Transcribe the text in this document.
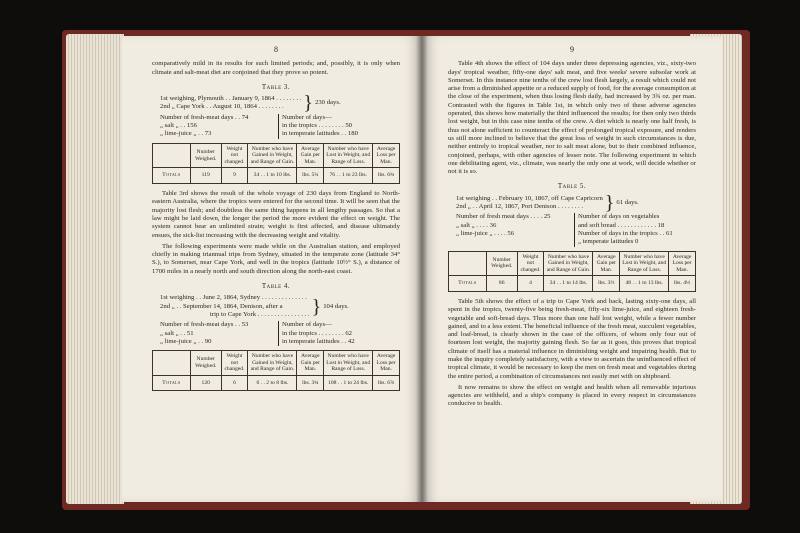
8

comparatively mild in its results for such limited periods; and, possibly, it is only when climate and salt-meat diet are conjoined that they prove so potent.

Table 3.
1st weighing, Plymouth . . January 9, 1864 . . . . . . . .
2nd „ Cape York . . August 10, 1864 . . . . . . . . } 230 days.
Number of fresh-meat days . . 74
„ salt „ . . 156
„ lime-juice „ . . 73
Number of days—
in the tropics . . . . . . . . 50
in temperate latitudes . . 180
	Number Weighed.	Weight not changed.	Number who have Gained in Weight, and Range of Gain.	Average Gain per Man.	Number who have Lost in Weight, and Range of Loss.	Average Loss per Man.
Totals	119	9	34 . . 1 to 10 lbs.	lbs. 5¼	76 . . 1 to 23 lbs.	lbs. 6¾

Table 3rd shows the result of the whole voyage of 230 days from England to North-eastern Australia, where the tropics were entered for the second time. It will be seen that the majority lost flesh; and doubtless the same thing happens in all lengthy passages. So that a law might be laid down, the longer the period the more evident the effect on weight. The system cannot bear an unlimited strain; weight is first affected, and disease ultimately ensues, the sick-list increasing with the decreasing weight and vitality.

The following experiments were made while on the Australian station, and employed chiefly in making triannual trips from Sydney, situated in the temperate zone (latitude 34° S.), to Somerset, near Cape York, and well in the tropics (latitude 10½° S.), a distance of 1700 miles in a nearly north and south direction along the north-east coast.

Table 4.
1st weighing . . June 2, 1864, Sydney . . . . . . . . . . . . . .
2nd „ . . September 14, 1864, Denison, after a
trip to Cape York . . . . . . . . . . . . . . . . } 104 days.
Number of fresh-meat days . . 53
„ salt „ . . 51
„ lime-juice „ . . 90
Number of days—
in the tropics . . . . . . . . 62
in temperate latitudes . . 42
	Number Weighed.	Weight not changed.	Number who have Gained in Weight, and Range of Gain.	Average Gain per Man.	Number who have Lost in Weight, and Range of Loss.	Average Loss per Man.
Totals	120	6	6 . . 2 to 8 lbs.	lbs. 3¾	108 . . 1 to 24 lbs.	lbs. 6⅞
9

Table 4th shows the effect of 104 days under three depressing agencies, viz., sixty-two days' tropical weather, fifty-one days' salt meat, and five weeks' severe subsolar work at Somerset. In this instance nine tenths of the crew lost flesh largely, a result which could not arise from a diminished appetite or a reduced supply of food, for the average consumption at the close of the experiment, when thus losing flesh daily, had increased by 3¾ oz. per man. Contrasted with the figures in Table 1st, in which only two of these adverse agencies operated, this shows how materially the third influenced the results; for then only two thirds lost weight, but in this case nine tenths of the crew. A diet which is nearly one half fresh, is thus not alone sufficient to counteract the effect of prolonged tropical exposure, and renders us still more inclined to believe that the great loss of weight in such circumstances is due, neither entirely to tropical weather, nor to salt meat alone, but to their combined influence, conjoined, perhaps, with other agencies of lesser note. The following experiment in which one debilitating agent, viz., climate, was nearly the only one at work, will decide whether or not it is so.

Table 5.
1st weighing . . February 10, 1867, off Cape Capricorn
2nd „ . . April 12, 1867, Port Denison . . . . . . . .	} 61 days.
Number of fresh meat days . . . . 25
„ salt „ . . . . 36
„ lime-juice „ . . . . 56
Number of days on vegetables
and soft bread . . . . . . . . . . . . 18
Number of days in the tropics . . 61
„ temperate latitudes 0
	Number Weighed.	Weight not changed.	Number who have Gained in Weight, and Range of Gain.	Average Gain per Man.	Number who have Lost in Weight, and Range of Loss.	Average Loss per Man.
Totals	86	4	34 . . 1 to 14 lbs.	lbs. 3⅔	48 . . 1 to 13 lbs.	lbs. 4⅓

Table 5th shows the effect of a trip to Cape York and back, lasting sixty-one days, all spent in the tropics, twenty-five being fresh-meat, fifty-six lime-juice, and eighteen fresh-vegetable and soft-bread days. Thus more than one half lost weight, while a fewer number gained, and to a less extent. The beneficial influence of the fresh meat, succulent vegetables, and loaf-bread, is clearly shown in the case of the officers, of whom only four out of fourteen lost weight, the majority gaining flesh. So far as it goes, this proves that tropical climate of itself has a material influence in diminishing weight and impairing health. But to make the inquiry completely satisfactory, with a view to ascertain the uninfluenced effect of tropical climate, it would be necessary to keep the men on fresh meat and vegetables during the entire period, a combination of circumstances not easily met with on shipboard.

It now remains to show the effect on weight and health when all removable injurious agencies are withheld, and a ship's company is placed in every respect in circumstances conducive to health.
